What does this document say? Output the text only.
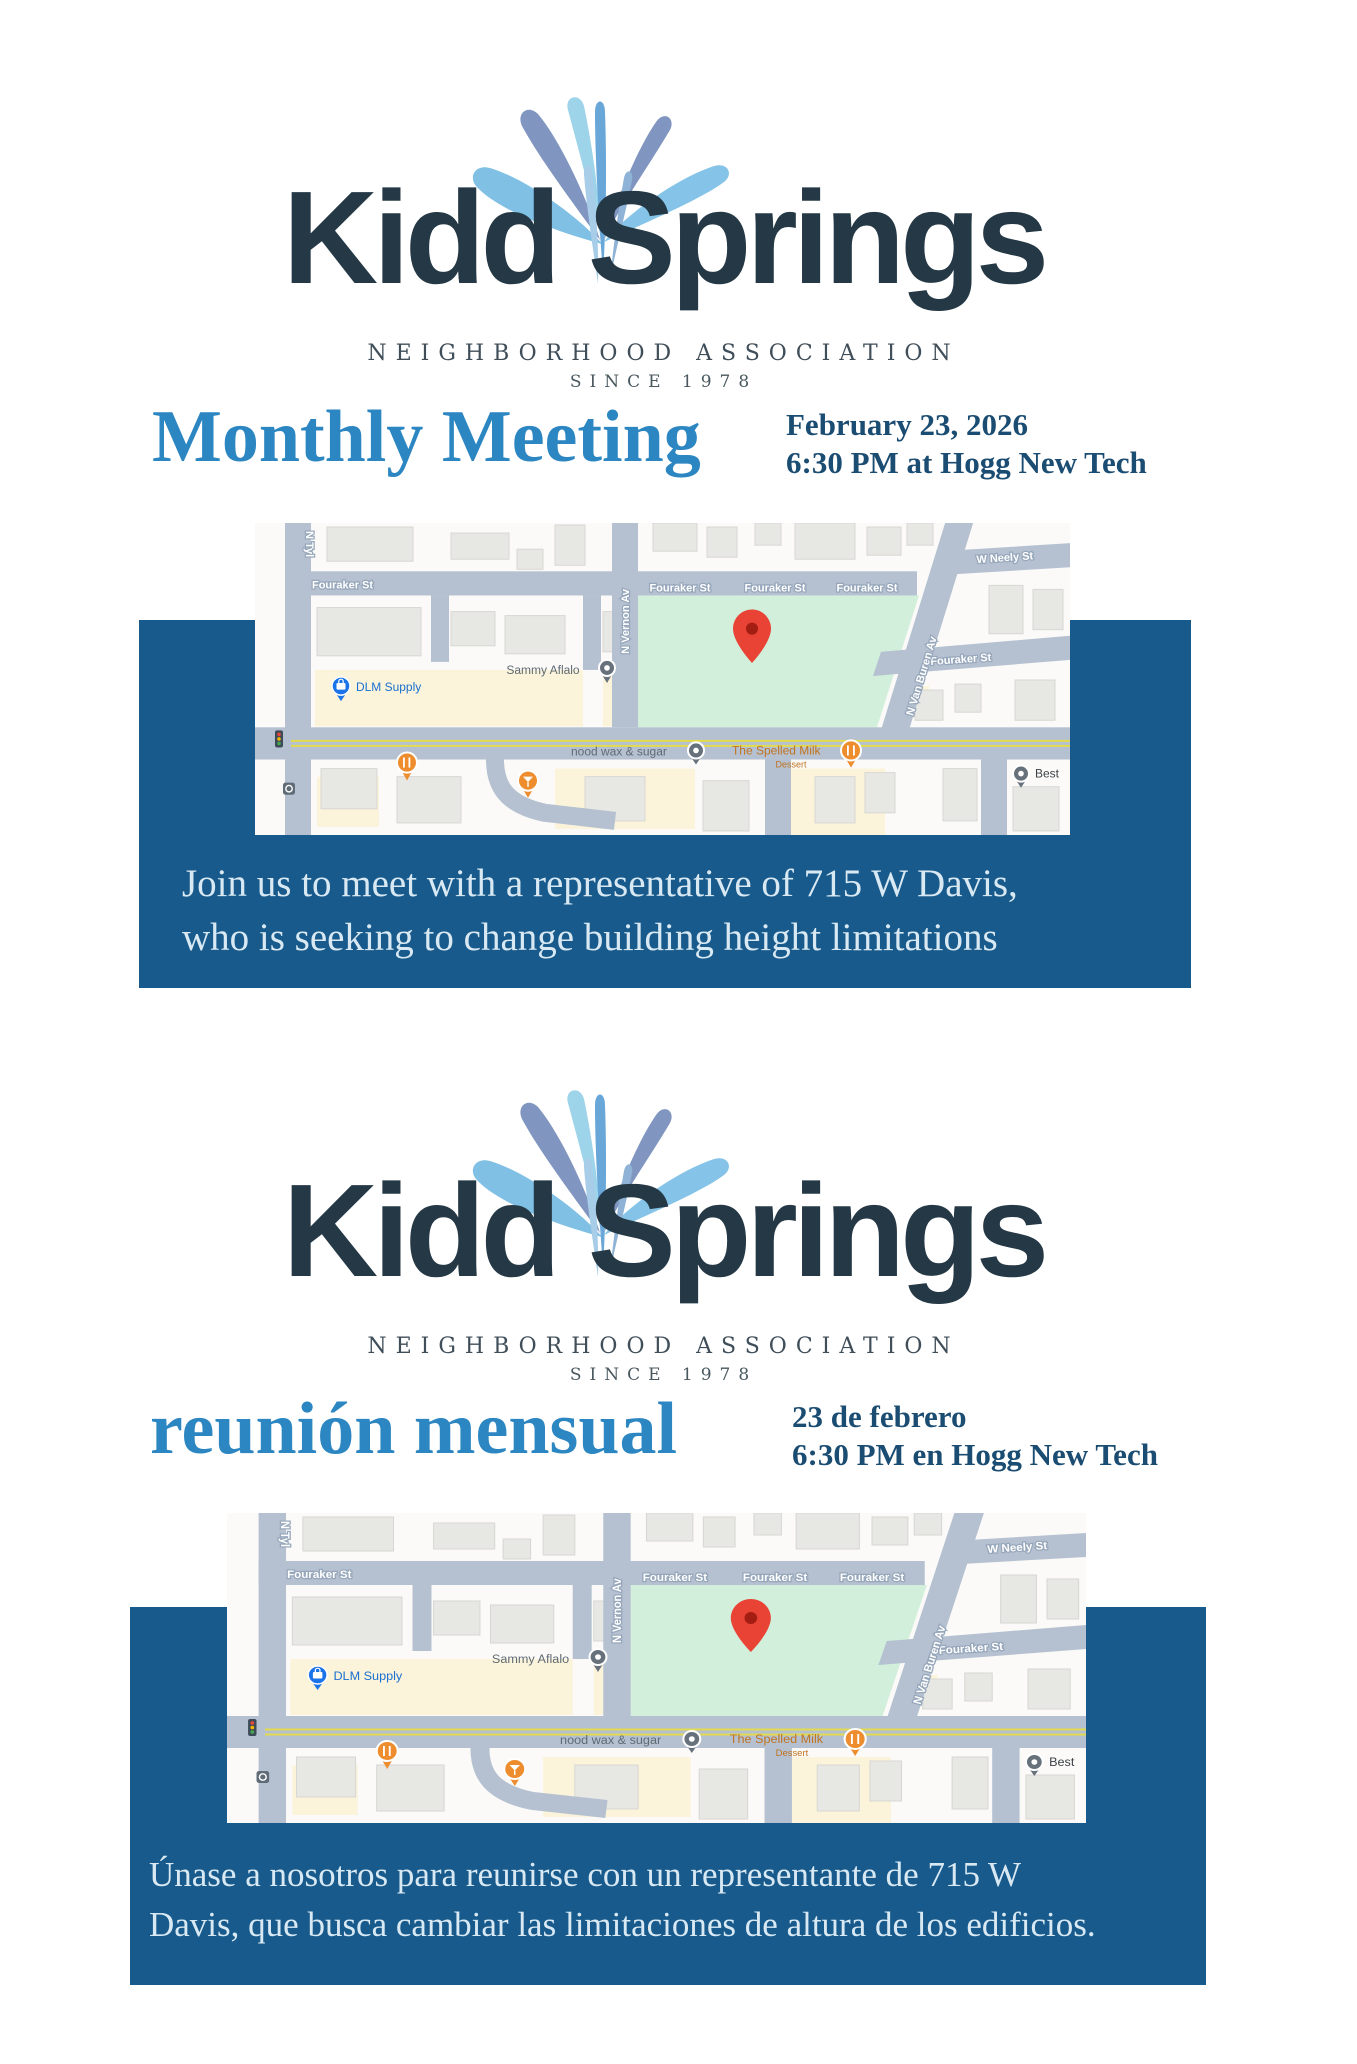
Kidd Springs
NEIGHBORHOOD ASSOCIATION
SINCE 1978
Monthly Meeting	February 23, 2026
6:30 PM at Hogg New Tech
Join us to meet with a representative of 715 W Davis,
who is seeking to change building height limitations
Kidd Springs
NEIGHBORHOOD ASSOCIATION
SINCE 1978
reunión mensual	23 de febrero
6:30 PM en Hogg New Tech
Únase a nosotros para reunirse con un representante de 715 W
Davis, que busca cambiar las limitaciones de altura de los edificios.
